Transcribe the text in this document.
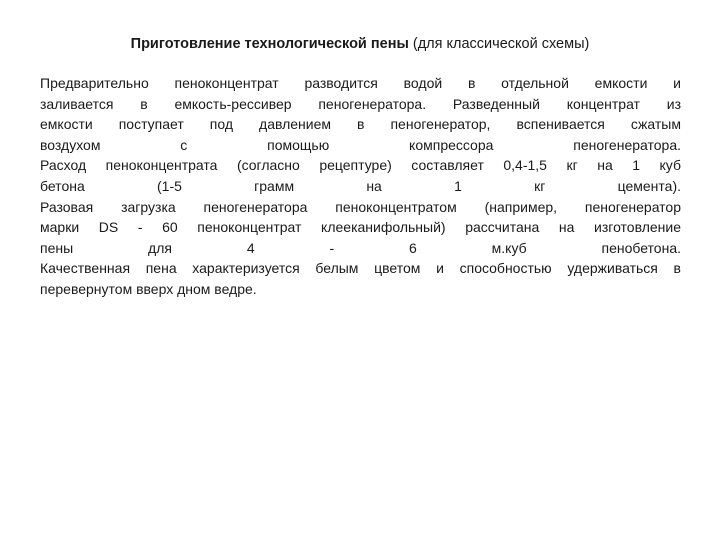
Приготовление технологической пены (для классической схемы)

Предварительно пеноконцентрат разводится водой в отдельной емкости и
заливается в емкость-рессивер пеногенератора. Разведенный концентрат из
емкости поступает под давлением в пеногенератор, вспенивается сжатым
воздухом с помощью компрессора пеногенератора.

Расход пеноконцентрата (согласно рецептуре) составляет 0,4-1,5 кг на 1 куб
бетона (1-5 грамм на 1 кг цемента).

Разовая загрузка пеногенератора пеноконцентратом (например, пеногенератор
марки DS - 60 пеноконцентрат клееканифольный) рассчитана на изготовление
пены для 4 - 6 м.куб пенобетона.

Качественная пена характеризуется белым цветом и способностью удерживаться в
перевернутом вверх дном ведре.
